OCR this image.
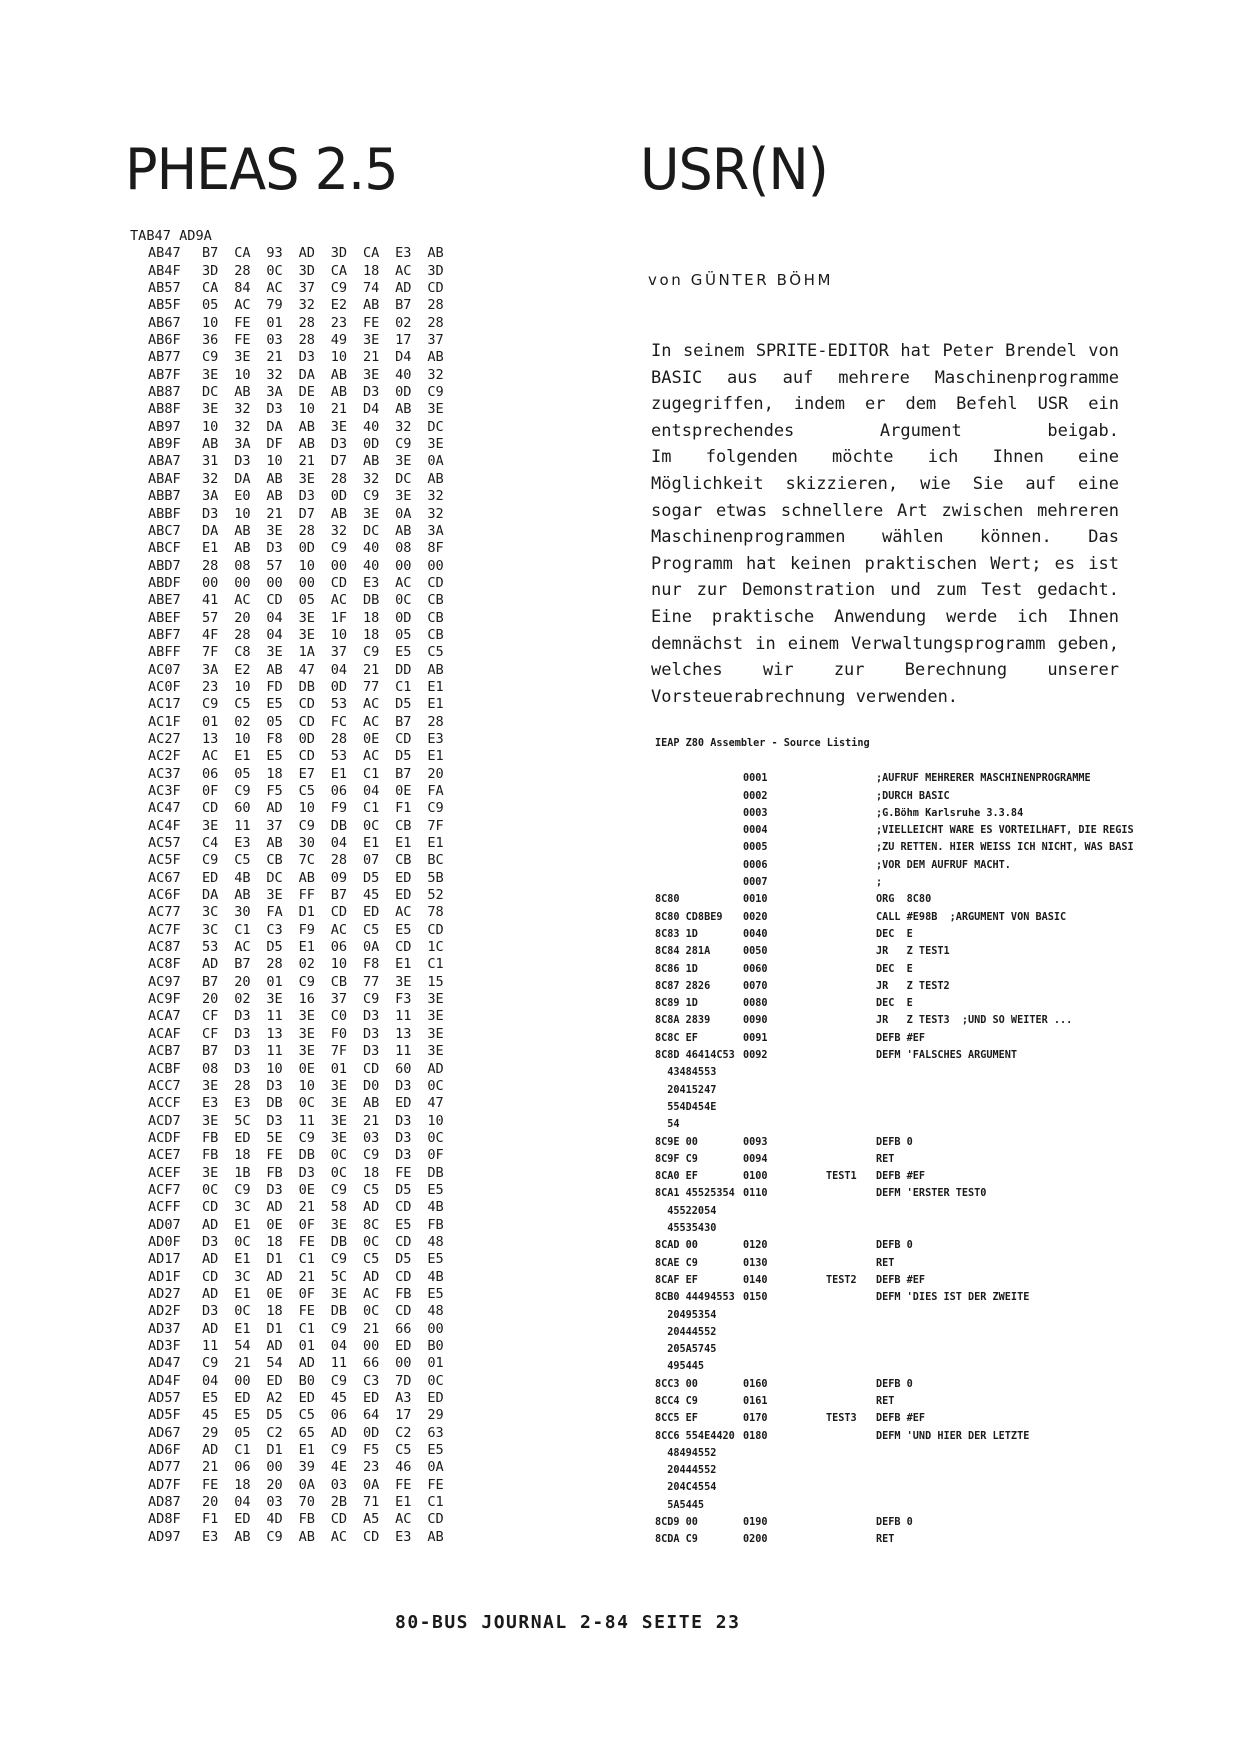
PHEAS 2.5	USR(N)
TAB47 AD9A
AB47	B7	CA	93	AD	3D	CA	E3	AB
AB4F	3D	28	0C	3D	CA	18	AC	3D
AB57	CA	84	AC	37	C9	74	AD	CD
AB5F	05	AC	79	32	E2	AB	B7	28
AB67	10	FE	01	28	23	FE	02	28
AB6F	36	FE	03	28	49	3E	17	37
AB77	C9	3E	21	D3	10	21	D4	AB
AB7F	3E	10	32	DA	AB	3E	40	32
AB87	DC	AB	3A	DE	AB	D3	0D	C9
AB8F	3E	32	D3	10	21	D4	AB	3E
AB97	10	32	DA	AB	3E	40	32	DC
AB9F	AB	3A	DF	AB	D3	0D	C9	3E
ABA7	31	D3	10	21	D7	AB	3E	0A
ABAF	32	DA	AB	3E	28	32	DC	AB
ABB7	3A	E0	AB	D3	0D	C9	3E	32
ABBF	D3	10	21	D7	AB	3E	0A	32
ABC7	DA	AB	3E	28	32	DC	AB	3A
ABCF	E1	AB	D3	0D	C9	40	08	8F
ABD7	28	08	57	10	00	40	00	00
ABDF	00	00	00	00	CD	E3	AC	CD
ABE7	41	AC	CD	05	AC	DB	0C	CB
ABEF	57	20	04	3E	1F	18	0D	CB
ABF7	4F	28	04	3E	10	18	05	CB
ABFF	7F	C8	3E	1A	37	C9	E5	C5
AC07	3A	E2	AB	47	04	21	DD	AB
AC0F	23	10	FD	DB	0D	77	C1	E1
AC17	C9	C5	E5	CD	53	AC	D5	E1
AC1F	01	02	05	CD	FC	AC	B7	28
AC27	13	10	F8	0D	28	0E	CD	E3
AC2F	AC	E1	E5	CD	53	AC	D5	E1
AC37	06	05	18	E7	E1	C1	B7	20
AC3F	0F	C9	F5	C5	06	04	0E	FA
AC47	CD	60	AD	10	F9	C1	F1	C9
AC4F	3E	11	37	C9	DB	0C	CB	7F
AC57	C4	E3	AB	30	04	E1	E1	E1
AC5F	C9	C5	CB	7C	28	07	CB	BC
AC67	ED	4B	DC	AB	09	D5	ED	5B
AC6F	DA	AB	3E	FF	B7	45	ED	52
AC77	3C	30	FA	D1	CD	ED	AC	78
AC7F	3C	C1	C3	F9	AC	C5	E5	CD
AC87	53	AC	D5	E1	06	0A	CD	1C
AC8F	AD	B7	28	02	10	F8	E1	C1
AC97	B7	20	01	C9	CB	77	3E	15
AC9F	20	02	3E	16	37	C9	F3	3E
ACA7	CF	D3	11	3E	C0	D3	11	3E
ACAF	CF	D3	13	3E	F0	D3	13	3E
ACB7	B7	D3	11	3E	7F	D3	11	3E
ACBF	08	D3	10	0E	01	CD	60	AD
ACC7	3E	28	D3	10	3E	D0	D3	0C
ACCF	E3	E3	DB	0C	3E	AB	ED	47
ACD7	3E	5C	D3	11	3E	21	D3	10
ACDF	FB	ED	5E	C9	3E	03	D3	0C
ACE7	FB	18	FE	DB	0C	C9	D3	0F
ACEF	3E	1B	FB	D3	0C	18	FE	DB
ACF7	0C	C9	D3	0E	C9	C5	D5	E5
ACFF	CD	3C	AD	21	58	AD	CD	4B
AD07	AD	E1	0E	0F	3E	8C	E5	FB
AD0F	D3	0C	18	FE	DB	0C	CD	48
AD17	AD	E1	D1	C1	C9	C5	D5	E5
AD1F	CD	3C	AD	21	5C	AD	CD	4B
AD27	AD	E1	0E	0F	3E	AC	FB	E5
AD2F	D3	0C	18	FE	DB	0C	CD	48
AD37	AD	E1	D1	C1	C9	21	66	00
AD3F	11	54	AD	01	04	00	ED	B0
AD47	C9	21	54	AD	11	66	00	01
AD4F	04	00	ED	B0	C9	C3	7D	0C
AD57	E5	ED	A2	ED	45	ED	A3	ED
AD5F	45	E5	D5	C5	06	64	17	29
AD67	29	05	C2	65	AD	0D	C2	63
AD6F	AD	C1	D1	E1	C9	F5	C5	E5
AD77	21	06	00	39	4E	23	46	0A
AD7F	FE	18	20	0A	03	0A	FE	FE
AD87	20	04	03	70	2B	71	E1	C1
AD8F	F1	ED	4D	FB	CD	A5	AC	CD
AD97	E3	AB	C9	AB	AC	CD	E3	AB
von GÜNTER BÖHM

In seinem SPRITE-EDITOR hat Peter Brendel von BASIC aus auf mehrere Maschinenprogramme zugegriffen, indem er dem Befehl USR ein entsprechendes Argument beigab.

Im folgenden möchte ich Ihnen eine Möglichkeit skizzieren, wie Sie auf eine sogar etwas schnellere Art zwischen mehreren Maschinenprogrammen wählen können. Das Programm hat keinen praktischen Wert; es ist nur zur Demonstration und zum Test gedacht. Eine praktische Anwendung werde ich Ihnen demnächst in einem Verwaltungsprogramm geben, welches wir zur Berechnung unserer Vorsteuerabrechnung verwenden.

IEAP Z80 Assembler - Source Listing
0001	;AUFRUF MEHRERER MASCHINENPROGRAMME
0002	;DURCH BASIC
0003	;G.Böhm Karlsruhe 3.3.84
0004	;VIELLEICHT WARE ES VORTEILHAFT, DIE REGIS
0005	;ZU RETTEN. HIER WEISS ICH NICHT, WAS BASI
0006	;VOR DEM AUFRUF MACHT.
0007	;
8C80	0010	ORG  8C80
8C80 CD8BE9	0020	CALL #E98B  ;ARGUMENT VON BASIC
8C83 1D	0040	DEC  E
8C84 281A	0050	JR   Z TEST1
8C86 1D	0060	DEC  E
8C87 2826	0070	JR   Z TEST2
8C89 1D	0080	DEC  E
8C8A 2839	0090	JR   Z TEST3  ;UND SO WEITER ...
8C8C EF	0091	DEFB #EF
8C8D 46414C53 0092	DEFM 'FALSCHES ARGUMENT
43484553
20415247
554D454E
54
8C9E 00	0093	DEFB 0
8C9F C9	0094	RET
8CA0 EF	0100	TEST1	DEFB #EF
8CA1 45525354 0110	DEFM 'ERSTER TEST0
45522054
45535430
8CAD 00	0120	DEFB 0
8CAE C9	0130	RET
8CAF EF	0140	TEST2	DEFB #EF
8CB0 44494553 0150	DEFM 'DIES IST DER ZWEITE
20495354
20444552
205A5745
495445
8CC3 00	0160	DEFB 0
8CC4 C9	0161	RET
8CC5 EF	0170	TEST3	DEFB #EF
8CC6 554E4420 0180	DEFM 'UND HIER DER LETZTE
48494552
20444552
204C4554
5A5445
8CD9 00	0190	DEFB 0
8CDA C9	0200	RET
80-BUS JOURNAL 2-84 SEITE 23
